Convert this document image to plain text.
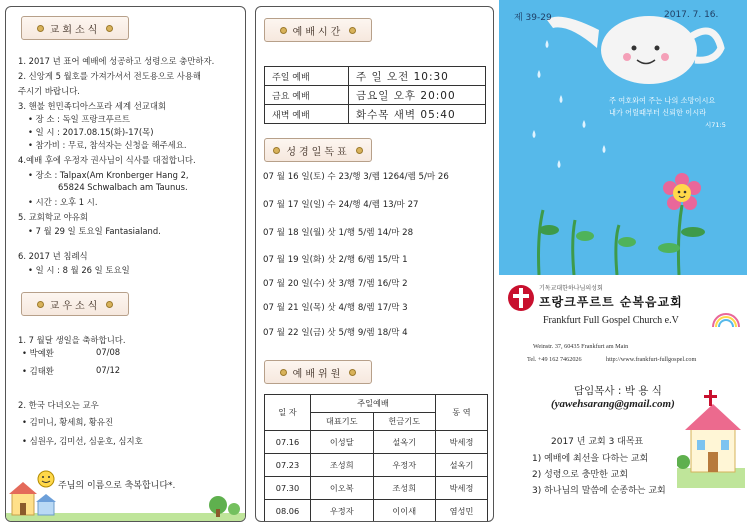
교회소식
1. 2017 년 표어 예배에 성공하고 성령으로 충만하자.
2. 신앙게 5 월호를 가져가셔서 전도용으로 사용해
주시기 바랍니다.
3. 핸불 헌민족디아스포라 세계 선교대회
• 장 소 : 독일 프랑크푸르트
• 일 시 : 2017.08.15(화)-17(목)
• 참가비 : 무료, 참석자는 신청을 해주세요.
4.예배 후에 우정자 권사님이 식사를 대접합니다.
• 장소 : Talpax(Am Kronberger Hang 2,
65824 Schwalbach am Taunus.
• 시간 : 오후 1 시.
5. 교회학교 야유회
• 7 월 29 일 토요일 Fantasialand.
6. 2017 년 침례식
• 일 시 : 8 월 26 일 토요일
교우소식
1. 7 월달 생일을 축하합니다.
• 박예환	07/08
• 김태환	07/12
2. 한국 다녀오는 교우
• 김미니, 황세희, 황유진
• 심원우, 김미선, 심윤호, 심지호
주님의 이름으로 축복합니다*.
예배시간
주일 예배	주 일 오전 10:30
금요 예배	금요일 오후 20:00
새벽 예배	화수목 새벽 05:40
성경일독표
07 월 16 일(토) 수 23/행 3/렘 1264/렘 5/마 26
07 월 17 일(일) 수 24/행 4/렘 13/마 27
07 월 18 일(월) 삿 1/행 5/렘 14/마 28
07 월 19 일(화) 삿 2/행 6/렘 15/막 1
07 월 20 일(수) 삿 3/행 7/렘 16/막 2
07 월 21 일(목) 삿 4/행 8/렘 17/막 3
07 월 22 일(금) 삿 5/행 9/렘 18/막 4
예배위원
일 자	주일예배		동 역
	대표기도	헌금기도	
07.16	이성달	설옥기	박세정
07.23	조성희	우정자	설옥기
07.30	이오복	조성희	박세정
08.06	우정자	이이새	염성민
제 39-29	2017. 7. 16.
주 여호와여 주는 나의 소망이시요
내가 어릴때부터 신뢰한 이시라
시71:5
기독교대한하나님의성회
프랑크푸르트 순복음교회
Frankfurt Full Gospel Church e.V
Weinstr. 37, 60435 Frankfurt am Main
Tel. +49 162 7462026	http://www.frankfurt-fullgospel.com
담임목사 : 박 용 식
(yawehsarang@gmail.com)
2017 년 교회 3 대목표
1) 예배에 최선을 다하는 교회
2) 성령으로 충만한 교회
3) 하나님의 말씀에 순종하는 교회
